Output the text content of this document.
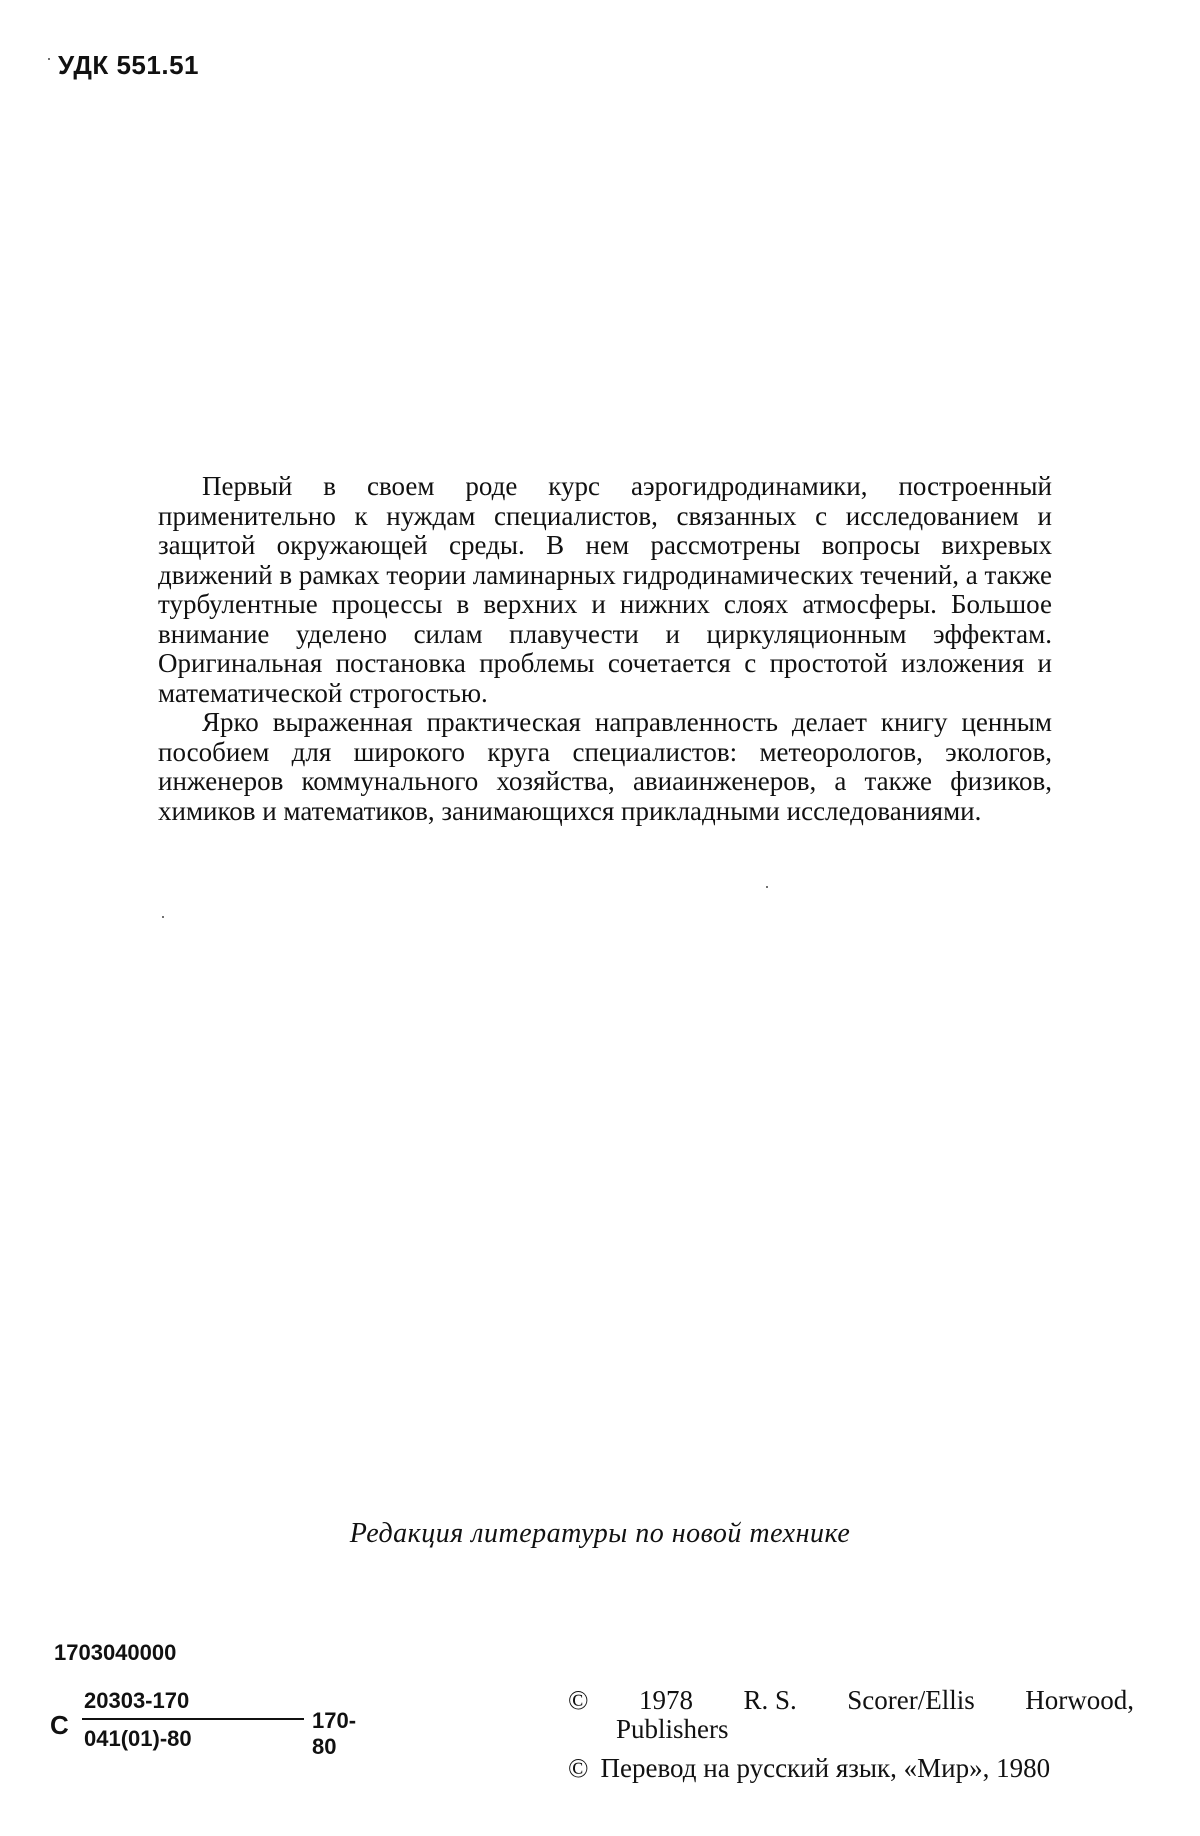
УДК 551.51

Первый в своем роде курс аэрогидродинамики, построенный применительно к нуждам специалистов, связанных с исследованием и защитой окружающей среды. В нем рассмотрены вопросы вихревых движений в рамках теории ламинарных гидродинамических течений, а также турбулентные процессы в верхних и нижних слоях атмосферы. Большое внимание уделено силам плавучести и циркуляционным эффектам. Оригинальная постановка проблемы сочетается с простотой изложения и математической строгостью.

Ярко выраженная практическая направленность делает книгу ценным пособием для широкого круга специалистов: метеорологов, экологов, инженеров коммунального хозяйства, авиаинженеров, а также физиков, химиков и математиков, занимающихся прикладными исследованиями.

Редакция литературы по новой технике
1703040000
С
20303-170
041(01)-80
170-80
© 1978 R. S. Scorer/Ellis Horwood,
Publishers
© Перевод на русский язык, «Мир», 1980
